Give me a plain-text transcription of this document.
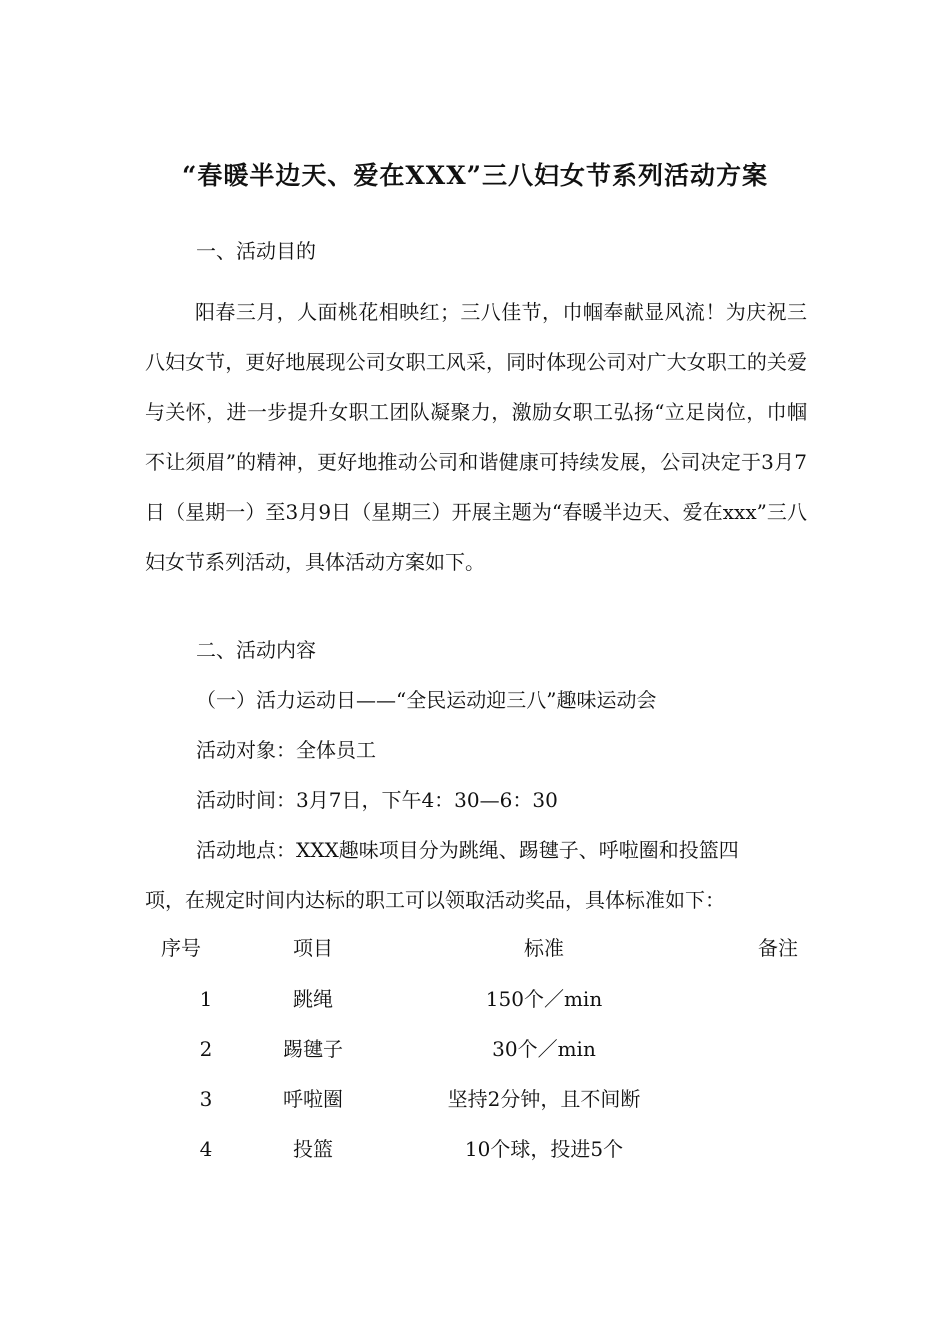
“春暖半边天、爱在XXX”三八妇女节系列活动方案
一、活动目的

阳春三月，人面桃花相映红；三八佳节，巾帼奉献显风流！为庆祝三八妇女节，更好地展现公司女职工风采，同时体现公司对广大女职工的关爱与关怀，进一步提升女职工团队凝聚力，激励女职工弘扬“立足岗位，巾帼不让须眉”的精神，更好地推动公司和谐健康可持续发展，公司决定于3月7日（星期一）至3月9日（星期三）开展主题为“春暖半边天、爱在xxx”三八妇女节系列活动，具体活动方案如下。

二、活动内容
（一）活力运动日——“全民运动迎三八”趣味运动会
活动对象：全体员工
活动时间：3月7日，下午4：30—6：30
活动地点：XXX趣味项目分为跳绳、踢毽子、呼啦圈和投篮四
项，在规定时间内达标的职工可以领取活动奖品，具体标准如下：
序号	项目	标准	备注
1	跳绳	150个／min
2	踢毽子	30个／min
3	呼啦圈	坚持2分钟，且不间断
4	投篮	10个球，投进5个
